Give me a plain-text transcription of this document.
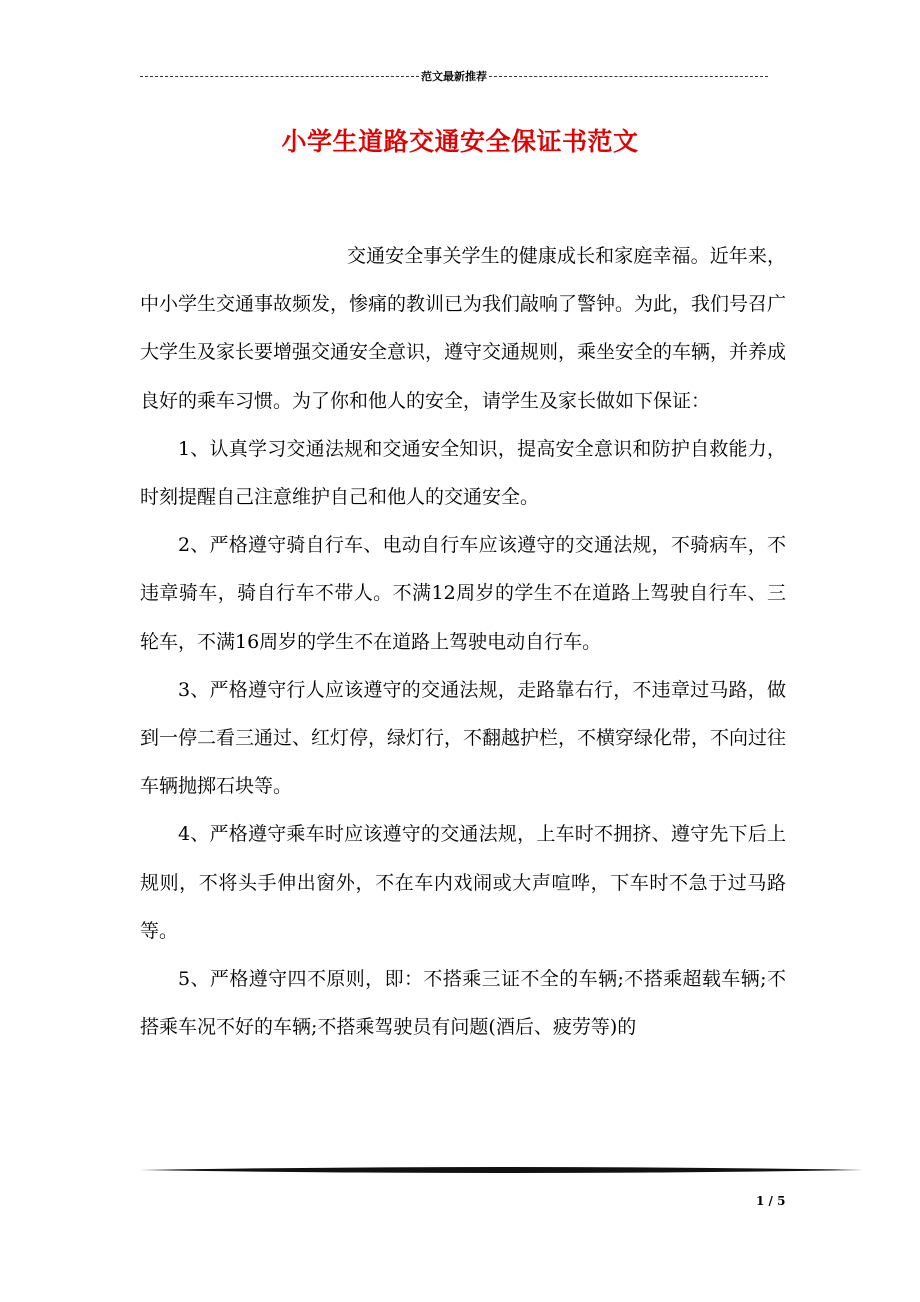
范文最新推荐
小学生道路交通安全保证书范文

交通安全事关学生的健康成长和家庭幸福。近年来，中小学生交通事故频发，惨痛的教训已为我们敲响了警钟。为此，我们号召广大学生及家长要增强交通安全意识，遵守交通规则，乘坐安全的车辆，并养成良好的乘车习惯。为了你和他人的安全，请学生及家长做如下保证：

1、认真学习交通法规和交通安全知识，提高安全意识和防护自救能力，时刻提醒自己注意维护自己和他人的交通安全。

2、严格遵守骑自行车、电动自行车应该遵守的交通法规，不骑病车，不违章骑车，骑自行车不带人。不满12周岁的学生不在道路上驾驶自行车、三轮车，不满16周岁的学生不在道路上驾驶电动自行车。

3、严格遵守行人应该遵守的交通法规，走路靠右行，不违章过马路，做到一停二看三通过、红灯停，绿灯行，不翻越护栏，不横穿绿化带，不向过往车辆抛掷石块等。

4、严格遵守乘车时应该遵守的交通法规，上车时不拥挤、遵守先下后上规则，不将头手伸出窗外，不在车内戏闹或大声喧哗，下车时不急于过马路等。

5、严格遵守四不原则，即：不搭乘三证不全的车辆;不搭乘超载车辆;不搭乘车况不好的车辆;不搭乘驾驶员有问题(酒后、疲劳等)的

1 / 5
